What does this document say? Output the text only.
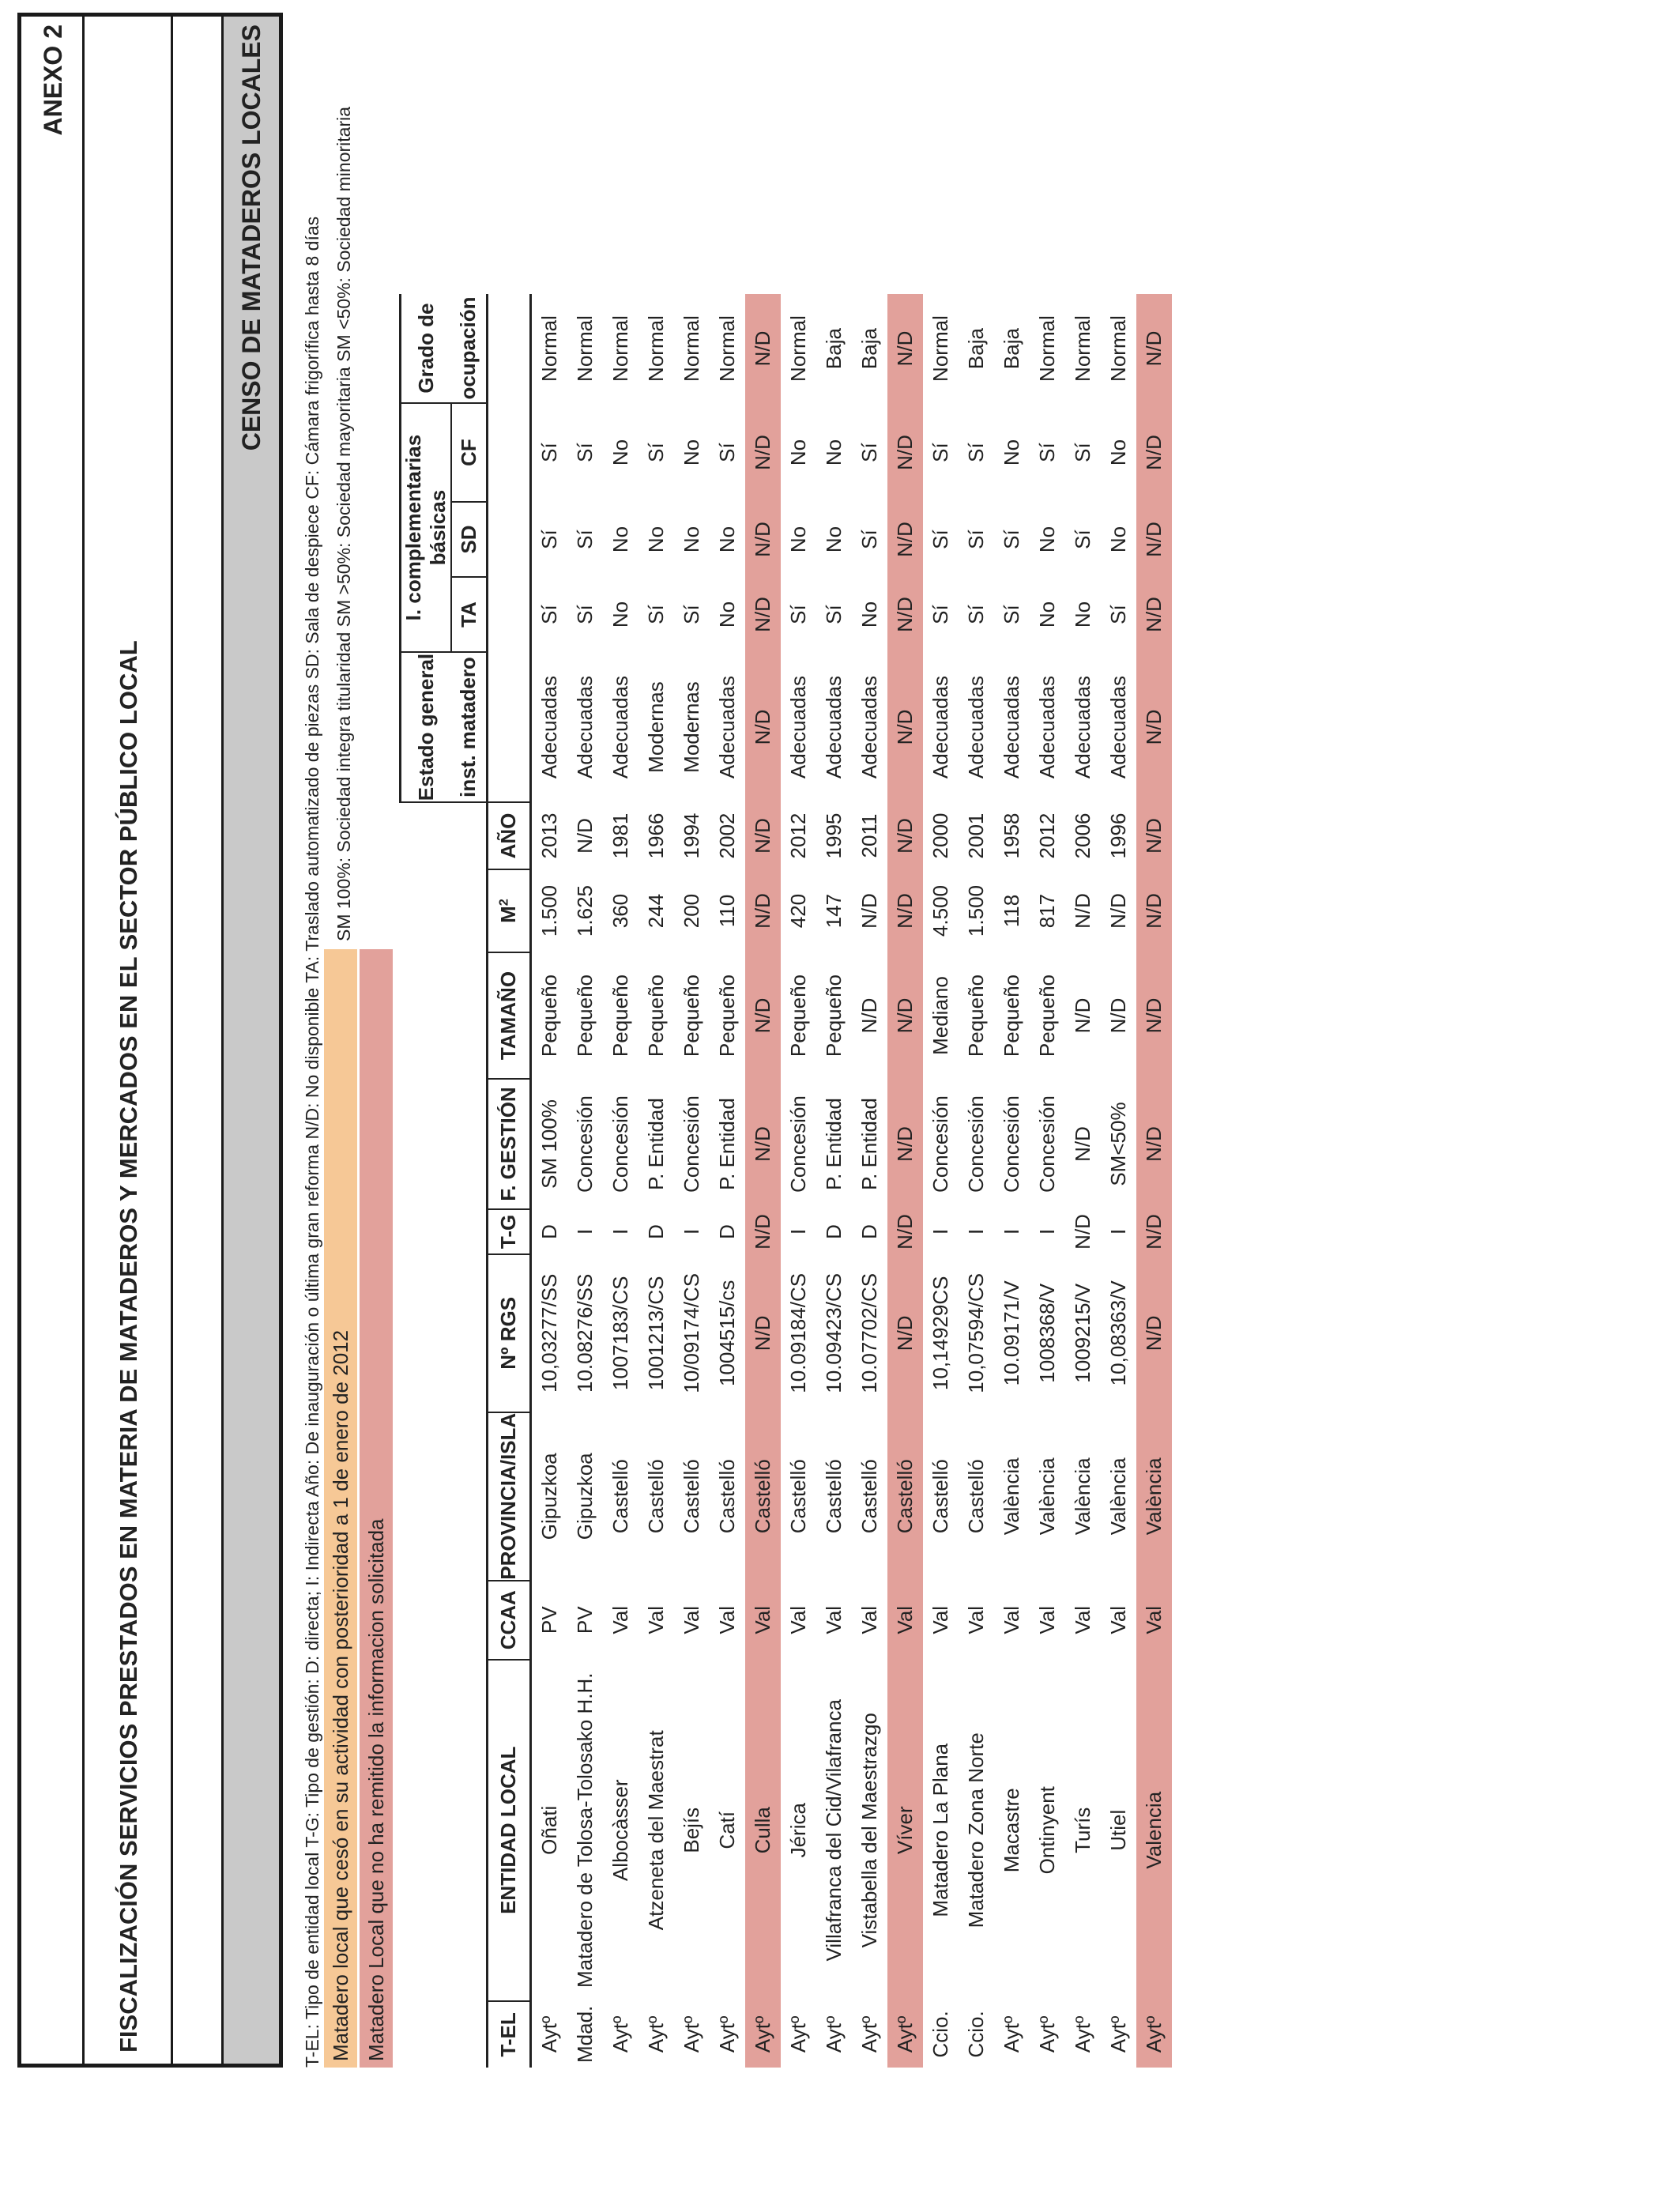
ANEXO 2
FISCALIZACIÓN SERVICIOS PRESTADOS EN MATERIA DE MATADEROS Y MERCADOS EN EL SECTOR PÚBLICO LOCAL
CENSO DE MATADEROS LOCALES	T-EL: Tipo de entidad local T-G: Tipo de gestión: D: directa; I: Indirecta Año: De inauguración o última gran reforma N/D: No disponible TA: Traslado automatizado de piezas SD: Sala de despiece CF: Cámara frigorífica hasta 8 días SM 100%: Sociedad integra titularidad SM >50%: Sociedad mayoritaria SM <50%: Sociedad minoritaria
Matadero local que cesó en su actividad con posterioridad a 1 de enero de 2012 Matadero Local que no ha remitido la informacion solicitada
										Estado general	I. complementarias básicas			Grado de
										inst. matadero	TA	SD	CF	ocupación
T-EL	ENTIDAD LOCAL	CCAA	PROVINCIA/ISLA	Nº RGS	T-G	F. GESTIÓN	TAMAÑO	$M^2$	AÑO					
Aytº	Oñati	PV	Gipuzkoa	10,03277/SS	D	SM 100%	Pequeño	1.500	2013	Adecuadas	Sí	Sí	Sí	Normal
Mdad.	Matadero de Tolosa-Tolosako H.H.	PV	Gipuzkoa	10.08276/SS	I	Concesión	Pequeño	1.625	N/D	Adecuadas	Sí	Sí	Sí	Normal
Aytº	Albocàsser	Val	Castelló	1007183/CS	I	Concesión	Pequeño	360	1981	Adecuadas	No	No	No	Normal
Aytº	Atzeneta del Maestrat	Val	Castelló	1001213/CS	D	P. Entidad	Pequeño	244	1966	Modernas	Sí	No	Sí	Normal
Aytº	Bejís	Val	Castelló	10/09174/CS	I	Concesión	Pequeño	200	1994	Modernas	Sí	No	No	Normal
Aytº	Catí	Val	Castelló	1004515/cs	D	P. Entidad	Pequeño	110	2002	Adecuadas	No	No	Sí	Normal
Aytº	Culla	Val	Castelló	N/D	N/D	N/D	N/D	N/D	N/D	N/D	N/D	N/D	N/D	N/D
Aytº	Jérica	Val	Castelló	10.09184/CS	I	Concesión	Pequeño	420	2012	Adecuadas	Sí	No	No	Normal
Aytº	Villafranca del Cid/Vilafranca	Val	Castelló	10.09423/CS	D	P. Entidad	Pequeño	147	1995	Adecuadas	Sí	No	No	Baja
Aytº	Vistabella del Maestrazgo	Val	Castelló	10.07702/CS	D	P. Entidad	N/D	N/D	2011	Adecuadas	No	Sí	Sí	Baja
Aytº	Víver	Val	Castelló	N/D	N/D	N/D	N/D	N/D	N/D	N/D	N/D	N/D	N/D	N/D
Ccio.	Matadero La Plana	Val	Castelló	10,14929CS	I	Concesión	Mediano	4.500	2000	Adecuadas	Sí	Sí	Sí	Normal
Ccio.	Matadero Zona Norte	Val	Castelló	10,07594/CS	I	Concesión	Pequeño	1.500	2001	Adecuadas	Sí	Sí	Sí	Baja
Aytº	Macastre	Val	València	10.09171/V	I	Concesión	Pequeño	118	1958	Adecuadas	Sí	Sí	No	Baja
Aytº	Ontinyent	Val	València	1008368/V	I	Concesión	Pequeño	817	2012	Adecuadas	No	No	Sí	Normal
Aytº	Turís	Val	València	1009215/V	N/D	N/D	N/D	N/D	2006	Adecuadas	No	Sí	Sí	Normal
Aytº	Utiel	Val	València	10,08363/V	I	SM<50%	N/D	N/D	1996	Adecuadas	Sí	No	No	Normal
Aytº	Valencia	Val	València	N/D	N/D	N/D	N/D	N/D	N/D	N/D	N/D	N/D	N/D	N/D
